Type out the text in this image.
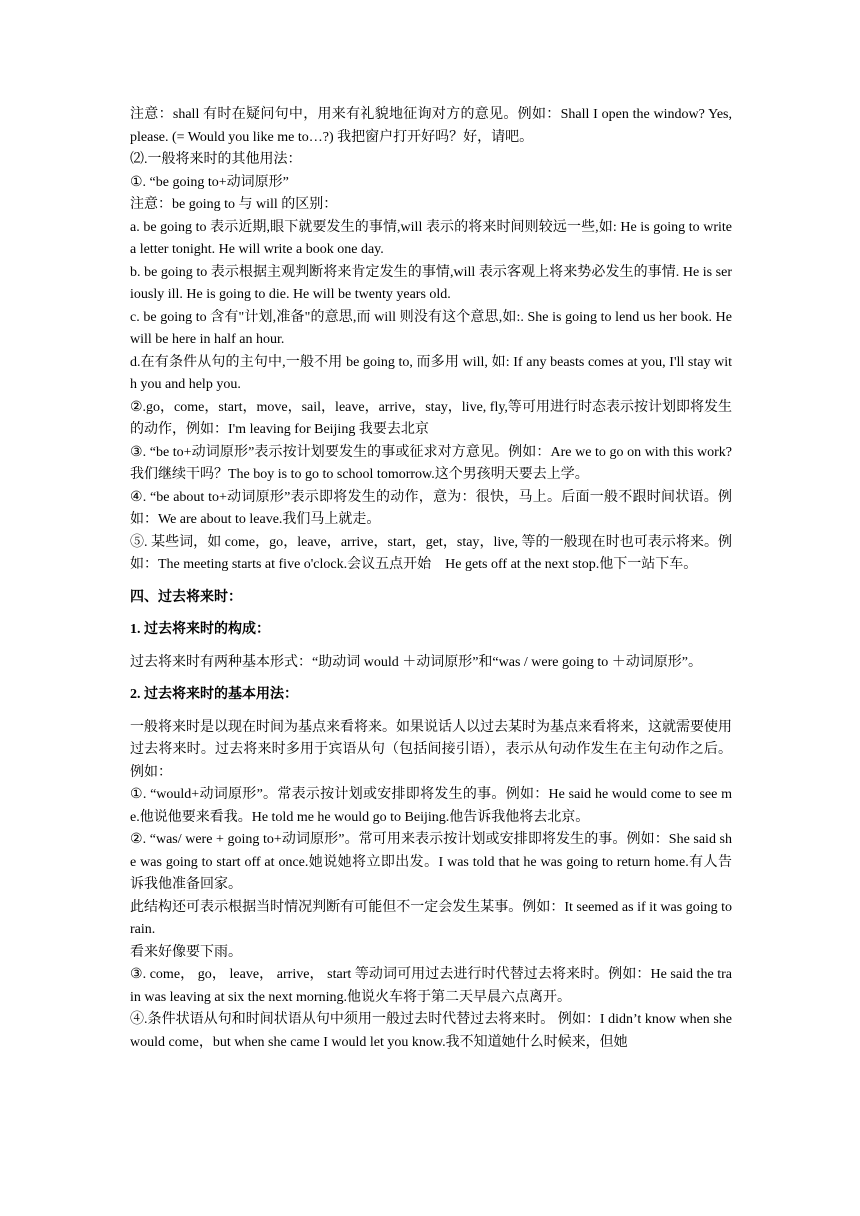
注意：shall 有时在疑问句中，用来有礼貌地征询对方的意见。例如：Shall I open the window? Yes, please. (= Would you like me to…?) 我把窗户打开好吗？好，请吧。

⑵.一般将来时的其他用法：

①. “be going to+动词原形”

注意：be going to 与 will 的区别：

a. be going to 表示近期,眼下就要发生的事情,will 表示的将来时间则较远一些,如: He is going to write a letter tonight. He will write a book one day.

b. be going to 表示根据主观判断将来肯定发生的事情,will 表示客观上将来势必发生的事情. He is seriously ill. He is going to die. He will be twenty years old.

c. be going to 含有"计划,准备"的意思,而 will 则没有这个意思,如:. She is going to lend us her book. He will be here in half an hour.

d.在有条件从句的主句中,一般不用 be going to, 而多用 will, 如: If any beasts comes at you, I'll stay with you and help you.

②.go，come，start，move，sail，leave，arrive，stay，live, fly,等可用进行时态表示按计划即将发生的动作，例如：I'm leaving for Beijing 我要去北京

③. “be to+动词原形”表示按计划要发生的事或征求对方意见。例如：Are we to go on with this work?我们继续干吗？The boy is to go to school tomorrow.这个男孩明天要去上学。

④. “be about to+动词原形”表示即将发生的动作，意为：很快，马上。后面一般不跟时间状语。例如：We are about to leave.我们马上就走。

⑤. 某些词，如 come，go，leave，arrive，start，get，stay，live, 等的一般现在时也可表示将来。例如：The meeting starts at five o'clock.会议五点开始　He gets off at the next stop.他下一站下车。

四、过去将来时：

1. 过去将来时的构成：

过去将来时有两种基本形式：“助动词 would ＋动词原形”和“was / were going to ＋动词原形”。

2. 过去将来时的基本用法：

一般将来时是以现在时间为基点来看将来。如果说话人以过去某时为基点来看将来，这就需要使用过去将来时。过去将来时多用于宾语从句（包括间接引语），表示从句动作发生在主句动作之后。例如：

①. “would+动词原形”。常表示按计划或安排即将发生的事。例如：He said he would come to see me.他说他要来看我。He told me he would go to Beijing.他告诉我他将去北京。

②. “was/ were + going to+动词原形”。常可用来表示按计划或安排即将发生的事。例如：She said she was going to start off at once.她说她将立即出发。I was told that he was going to return home.有人告诉我他准备回家。

此结构还可表示根据当时情况判断有可能但不一定会发生某事。例如：It seemed as if it was going to rain.

看来好像要下雨。

③. come， go， leave， arrive， start 等动词可用过去进行时代替过去将来时。例如：He said the train was leaving at six the next morning.他说火车将于第二天早晨六点离开。

④.条件状语从句和时间状语从句中须用一般过去时代替过去将来时。 例如：I didn’t know when she would come，but when she came I would let you know.我不知道她什么时候来，但她
